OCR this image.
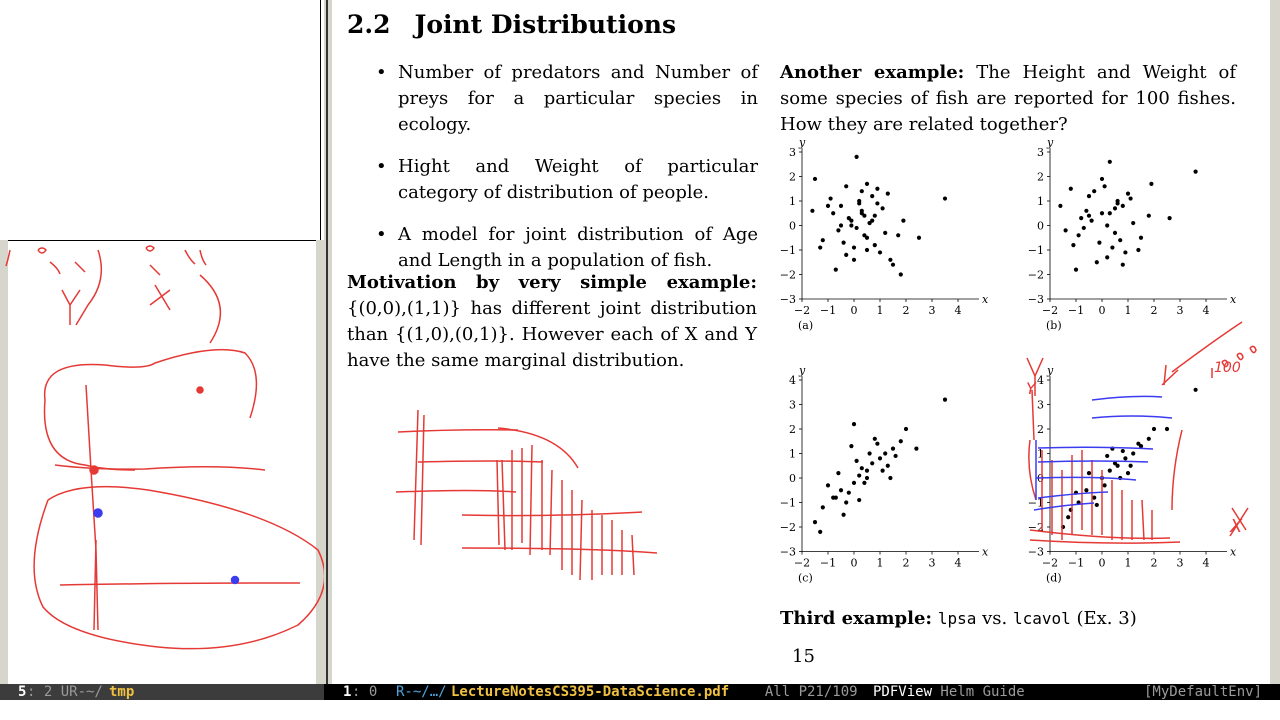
2.2 Joint Distributions
• Number of predators and Number of preys for a particular species in ecology.
• Hight and Weight of particular category of distribution of people.
• A model for joint distribution of Age and Length in a population of fish.
Motivation by very simple example: {(0,0),(1,1)} has different joint distribution than {(1,0),(0,1)}. However each of X and Y have the same marginal distribution.
Another example: The Height and Weight of some species of fish are reported for 100 fishes. How they are related together?
−3
−2
−1
0
1
2
3
−2 −1 0 1 2 3 4
y
x
(a)
−3
−2
−1
0
1
2
3
−2 −1 0 1 2 3 4
y
x
(b)
−3
−2
−1
0
1
2
3
4
−2 −1 0 1 2 3 4
y
x
(c)
−3
−2
−1
0
1
2
3
4
−2 −1 0 1 2 3 4
y
x
(d)
Third example: lpsa vs. lcavol (Ex. 3)
15
Y
X
100
5 : 2 UR-~/ tmp	1 : 0 R-~/…/ LectureNotesCS395-DataScience.pdf All P21/109 PDFView Helm Guide	[MyDefaultEnv]
